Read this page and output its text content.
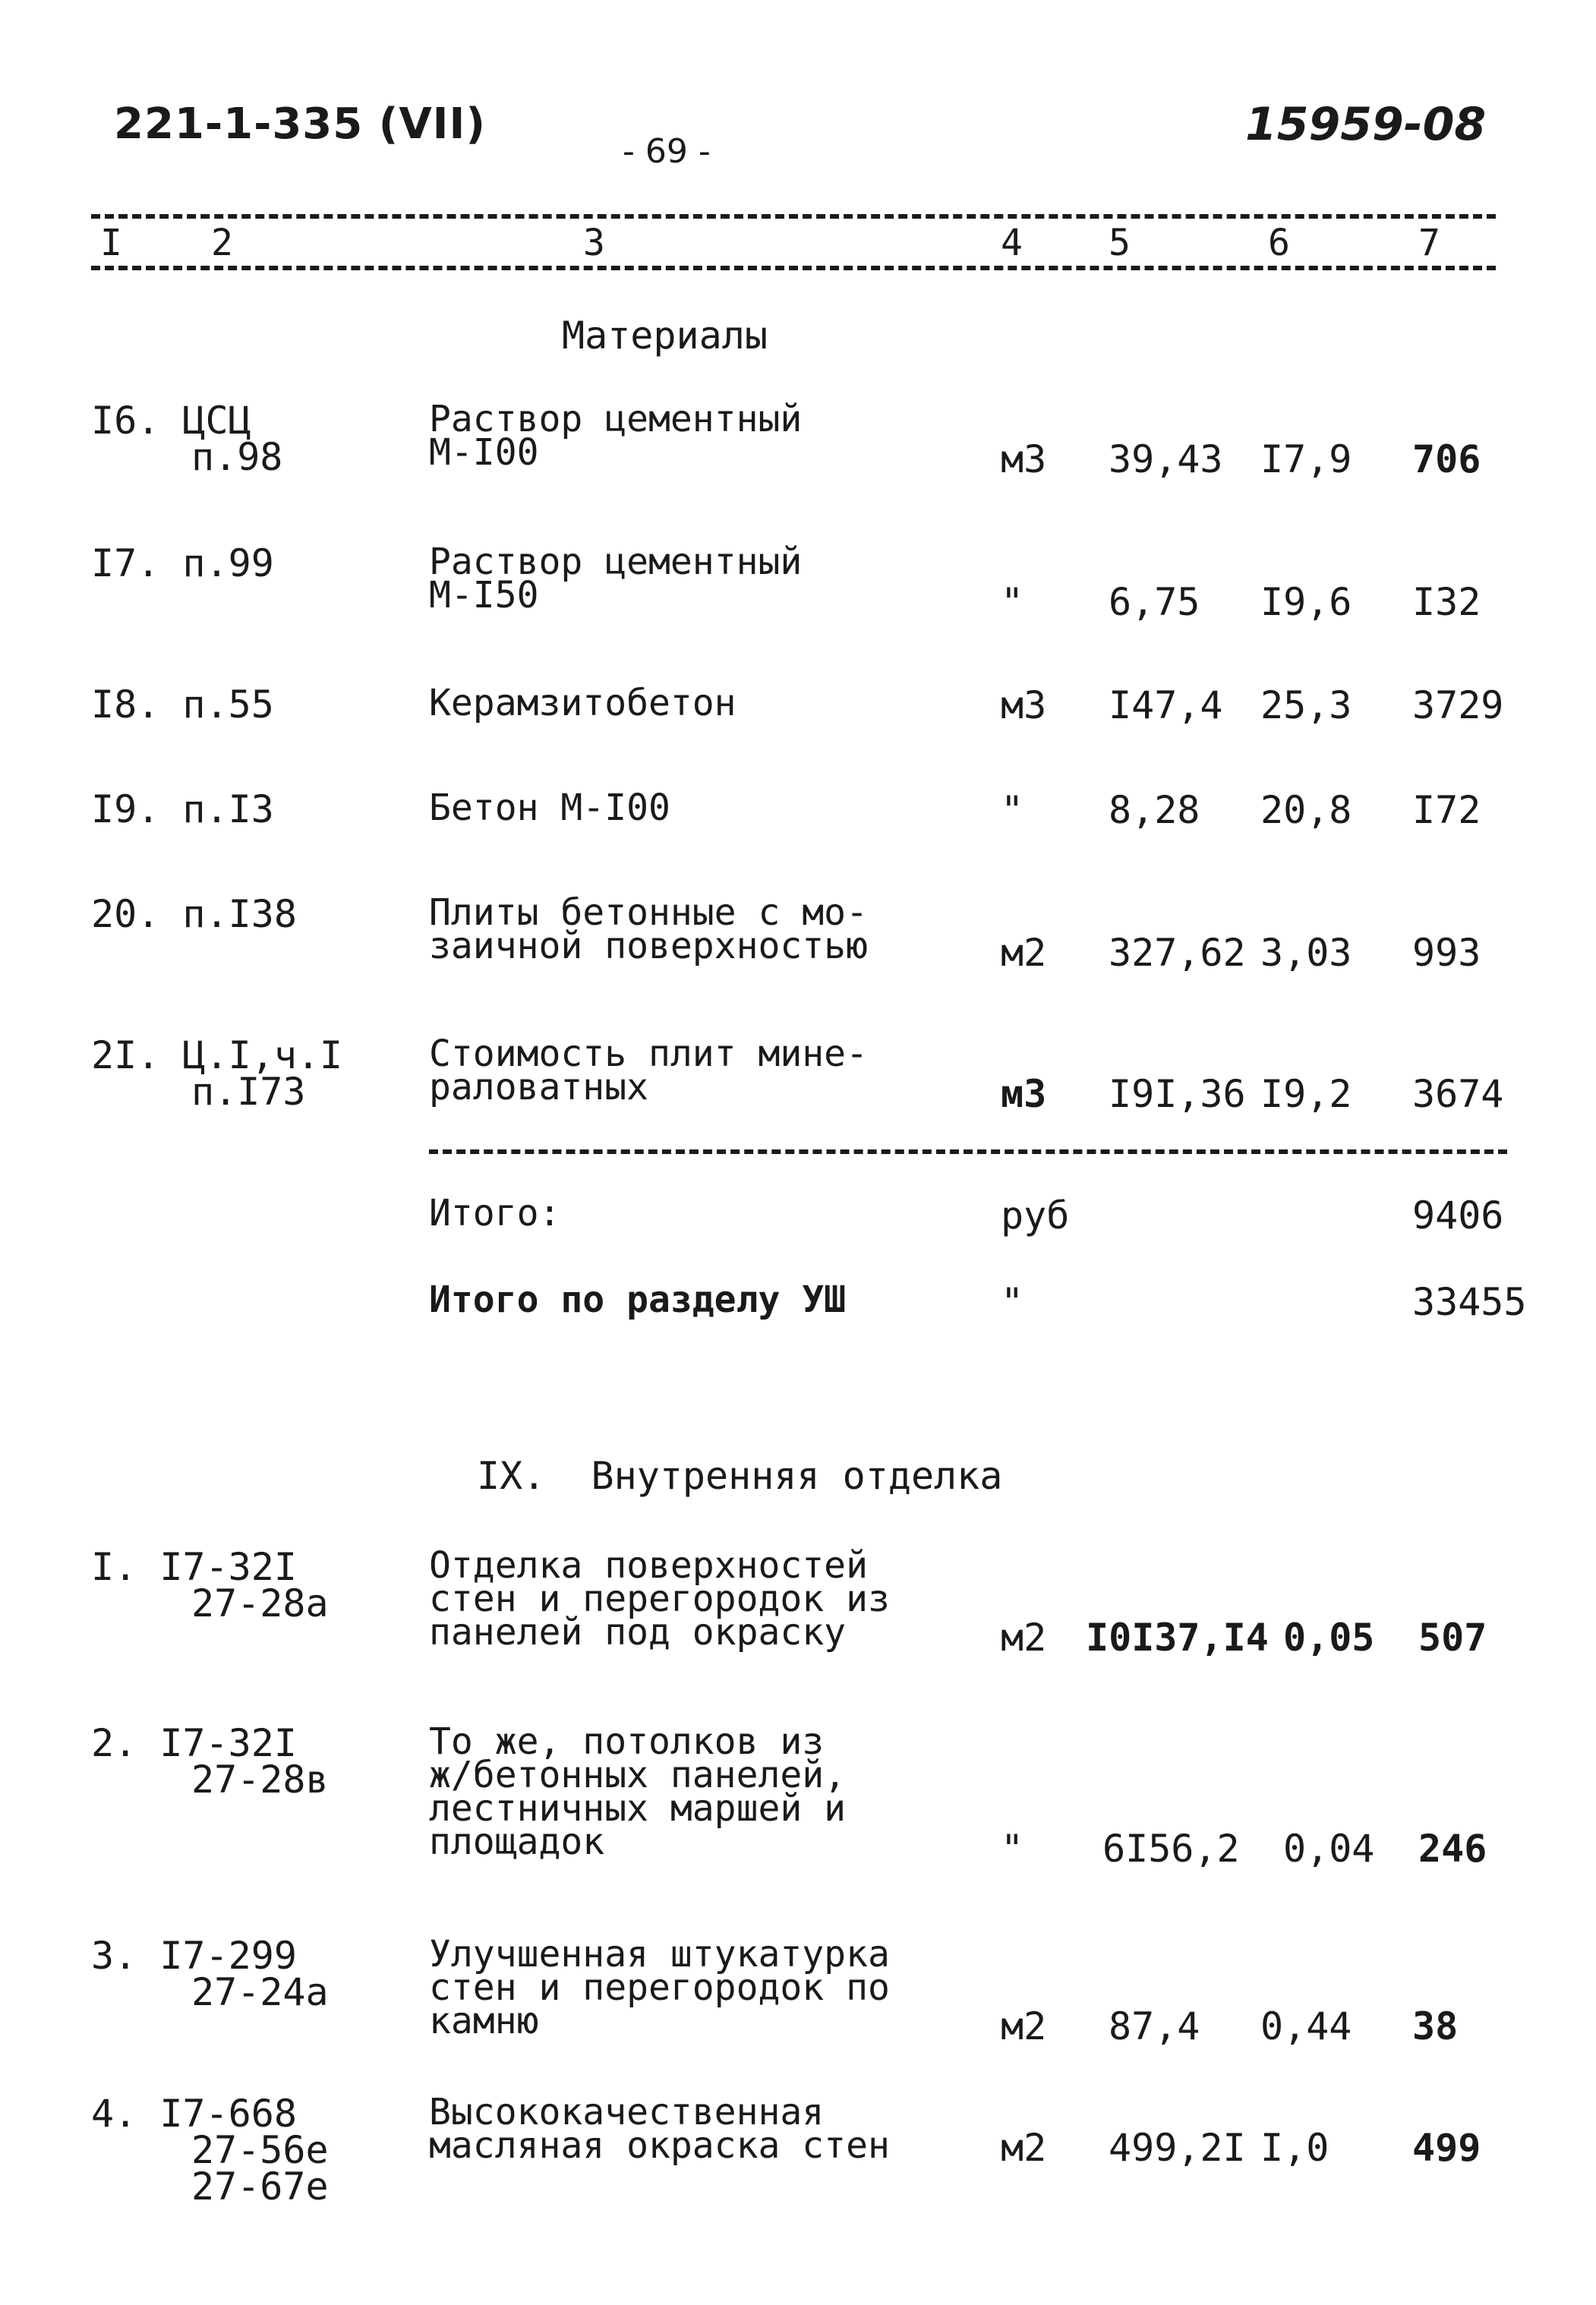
221-1-335 (VII)
- 69 -
15959-08
I 2	3	4 5	6	7
Материалы
I6. ЦСЦ
п.98
Раствор цементный
М-I00	м3 39,43 I7,9 706
I7. п.99	Раствор цементный
М-I50	" 6,75 I9,6 I32
I8. п.55	Керамзитобетон	м3 I47,4 25,3 3729
I9. п.I3	Бетон М-I00	" 8,28 20,8 I72
20. п.I38	Плиты бетонные с мо-
заичной поверхностью	м2 327,62 3,03 993
2I. Ц.I,ч.I
п.I73
Стоимость плит мине-
раловатных	м3 I9I,36 I9,2 3674
Итого:	руб	9406
Итого по разделу УШ	"	33455
IX.  Внутренняя отделка
I. I7-32I
27-28а
Отделка поверхностей
стен и перегородок из
панелей под окраску	м2 I0I37,I4 0,05 507
2. I7-32I
27-28в
То же, потолков из
ж/бетонных панелей,
лестничных маршей и
площадок	" 6I56,2 0,04 246
3. I7-299
27-24а
Улучшенная штукатурка
стен и перегородок по
камню	м2 87,4 0,44 38
4. I7-668
27-56е
27-67е
Высококачественная
масляная окраска стен	м2 499,2I I,0 499
